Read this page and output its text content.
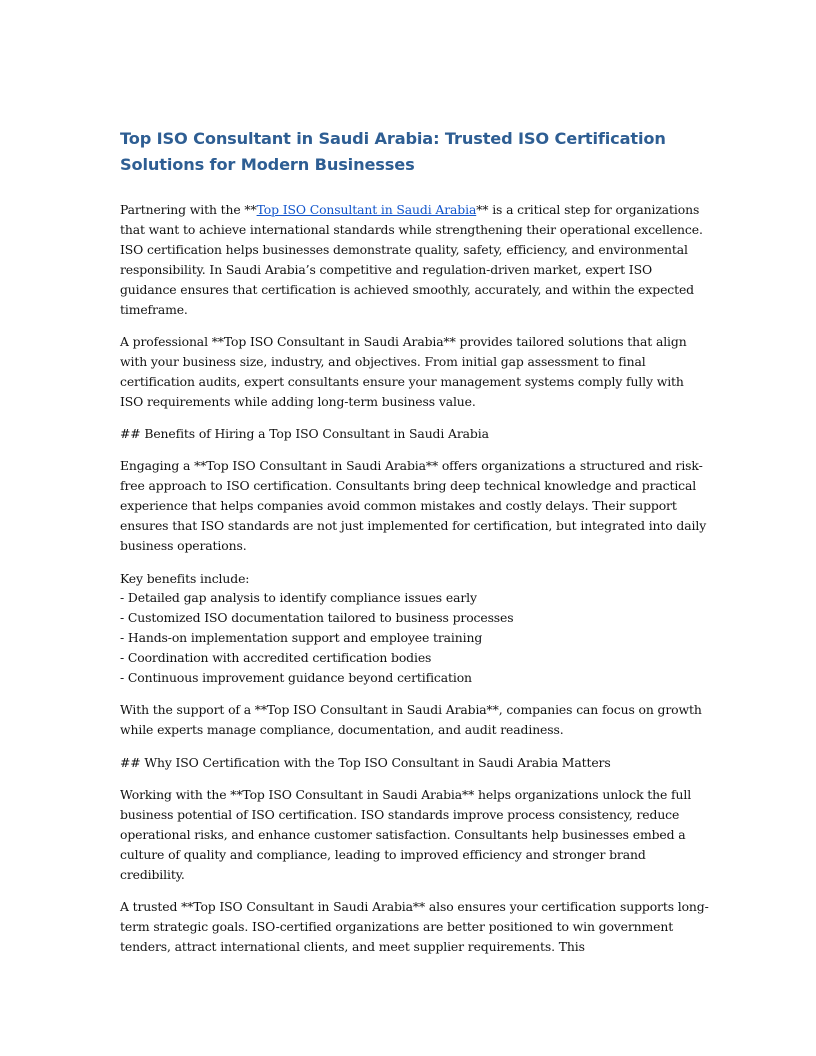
Top ISO Consultant in Saudi Arabia: Trusted ISO Certification Solutions for Modern Businesses

Partnering with the **Top ISO Consultant in Saudi Arabia** is a critical step for organizations that want to achieve international standards while strengthening their operational excellence. ISO certification helps businesses demonstrate quality, safety, efficiency, and environmental responsibility. In Saudi Arabia’s competitive and regulation-driven market, expert ISO guidance ensures that certification is achieved smoothly, accurately, and within the expected timeframe.

A professional **Top ISO Consultant in Saudi Arabia** provides tailored solutions that align with your business size, industry, and objectives. From initial gap assessment to final certification audits, expert consultants ensure your management systems comply fully with ISO requirements while adding long-term business value.

## Benefits of Hiring a Top ISO Consultant in Saudi Arabia

Engaging a **Top ISO Consultant in Saudi Arabia** offers organizations a structured and risk-free approach to ISO certification. Consultants bring deep technical knowledge and practical experience that helps companies avoid common mistakes and costly delays. Their support ensures that ISO standards are not just implemented for certification, but integrated into daily business operations.

Key benefits include:

- Detailed gap analysis to identify compliance issues early

- Customized ISO documentation tailored to business processes

- Hands-on implementation support and employee training

- Coordination with accredited certification bodies

- Continuous improvement guidance beyond certification

With the support of a **Top ISO Consultant in Saudi Arabia**, companies can focus on growth while experts manage compliance, documentation, and audit readiness.

## Why ISO Certification with the Top ISO Consultant in Saudi Arabia Matters

Working with the **Top ISO Consultant in Saudi Arabia** helps organizations unlock the full business potential of ISO certification. ISO standards improve process consistency, reduce operational risks, and enhance customer satisfaction. Consultants help businesses embed a culture of quality and compliance, leading to improved efficiency and stronger brand credibility.

A trusted **Top ISO Consultant in Saudi Arabia** also ensures your certification supports long-term strategic goals. ISO-certified organizations are better positioned to win government tenders, attract international clients, and meet supplier requirements. This
